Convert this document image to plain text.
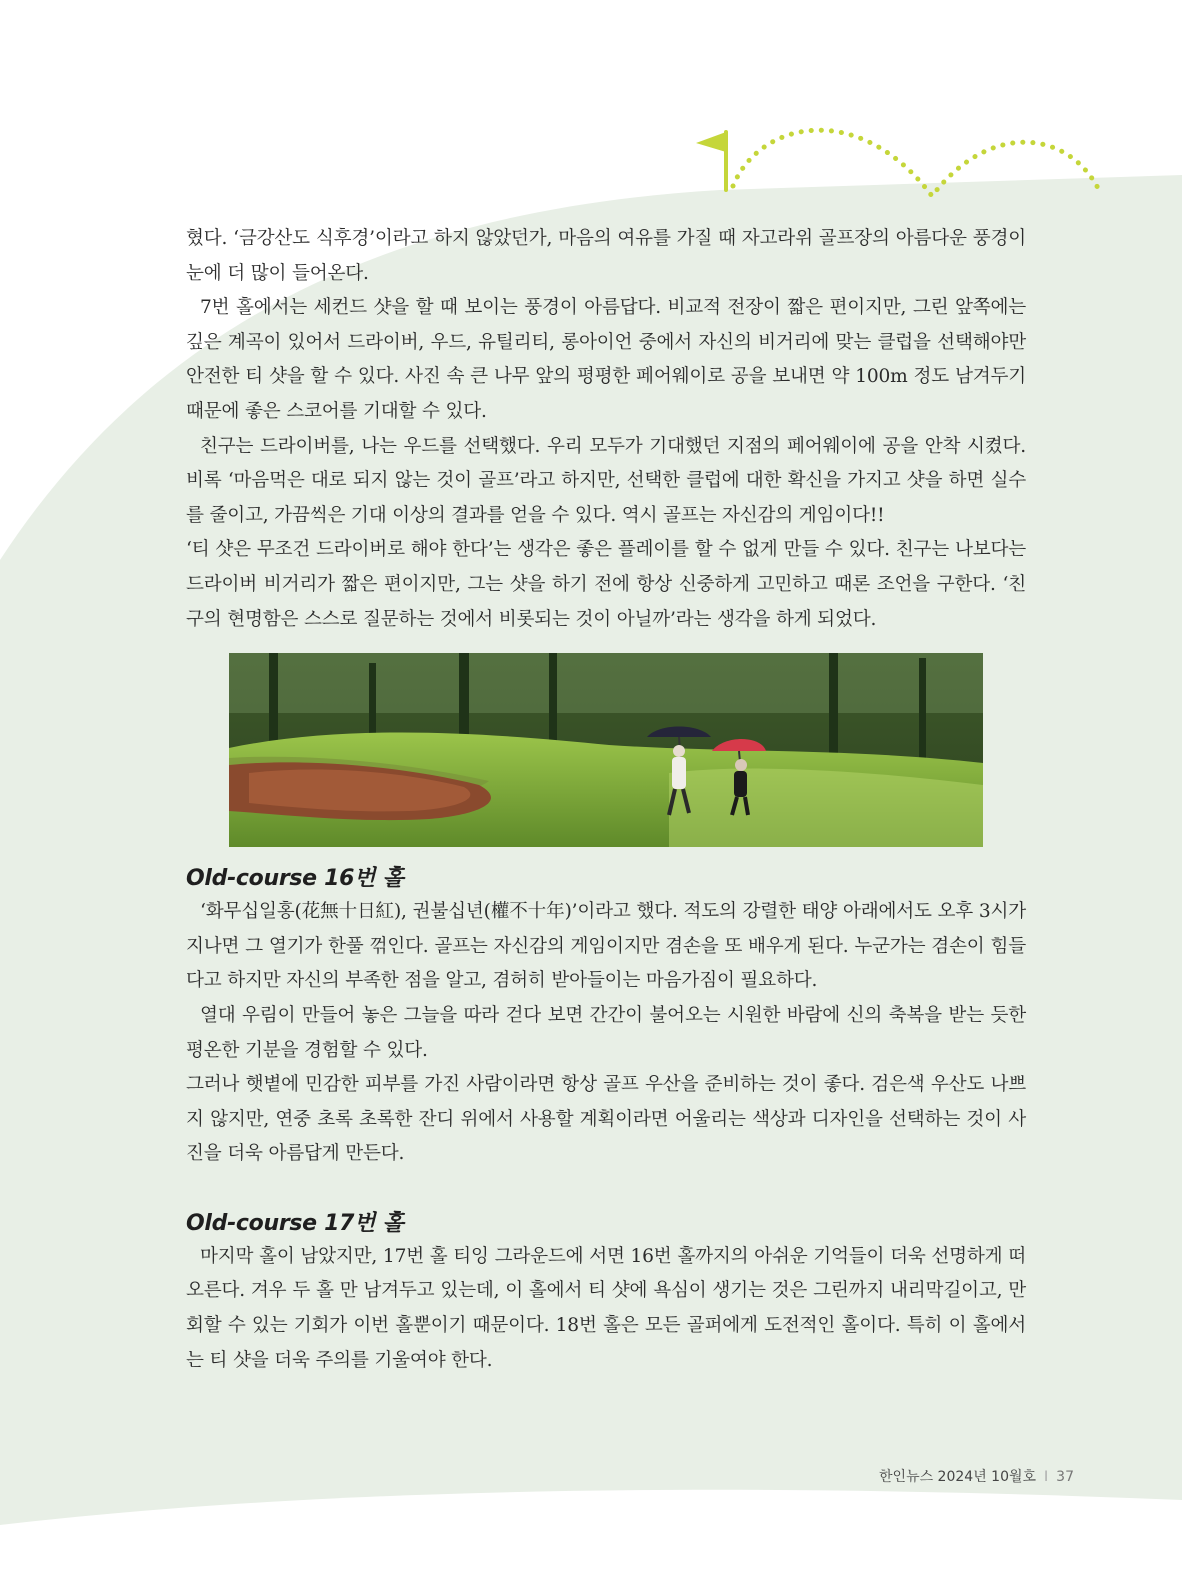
혔다. ‘금강산도 식후경’이라고 하지 않았던가, 마음의 여유를 가질 때 자고라위 골프장의 아름다운 풍경이 눈에 더 많이 들어온다.

7번 홀에서는 세컨드 샷을 할 때 보이는 풍경이 아름답다. 비교적 전장이 짧은 편이지만, 그린 앞쪽에는 깊은 계곡이 있어서 드라이버, 우드, 유틸리티, 롱아이언 중에서 자신의 비거리에 맞는 클럽을 선택해야만 안전한 티 샷을 할 수 있다. 사진 속 큰 나무 앞의 평평한 페어웨이로 공을 보내면 약 100m 정도 남겨두기 때문에 좋은 스코어를 기대할 수 있다.

친구는 드라이버를, 나는 우드를 선택했다. 우리 모두가 기대했던 지점의 페어웨이에 공을 안착 시켰다. 비록 ‘마음먹은 대로 되지 않는 것이 골프’라고 하지만, 선택한 클럽에 대한 확신을 가지고 샷을 하면 실수를 줄이고, 가끔씩은 기대 이상의 결과를 얻을 수 있다. 역시 골프는 자신감의 게임이다!!

‘티 샷은 무조건 드라이버로 해야 한다’는 생각은 좋은 플레이를 할 수 없게 만들 수 있다. 친구는 나보다는 드라이버 비거리가 짧은 편이지만, 그는 샷을 하기 전에 항상 신중하게 고민하고 때론 조언을 구한다. ‘친구의 현명함은 스스로 질문하는 것에서 비롯되는 것이 아닐까’라는 생각을 하게 되었다.

Old-course 16번 홀

‘화무십일홍(花無十日紅), 권불십년(權不十年)’이라고 했다. 적도의 강렬한 태양 아래에서도 오후 3시가 지나면 그 열기가 한풀 꺾인다. 골프는 자신감의 게임이지만 겸손을 또 배우게 된다. 누군가는 겸손이 힘들다고 하지만 자신의 부족한 점을 알고, 겸허히 받아들이는 마음가짐이 필요하다.

열대 우림이 만들어 놓은 그늘을 따라 걷다 보면 간간이 불어오는 시원한 바람에 신의 축복을 받는 듯한 평온한 기분을 경험할 수 있다.

그러나 햇볕에 민감한 피부를 가진 사람이라면 항상 골프 우산을 준비하는 것이 좋다. 검은색 우산도 나쁘지 않지만, 연중 초록 초록한 잔디 위에서 사용할 계획이라면 어울리는 색상과 디자인을 선택하는 것이 사진을 더욱 아름답게 만든다.

Old-course 17번 홀

마지막 홀이 남았지만, 17번 홀 티잉 그라운드에 서면 16번 홀까지의 아쉬운 기억들이 더욱 선명하게 떠오른다. 겨우 두 홀 만 남겨두고 있는데, 이 홀에서 티 샷에 욕심이 생기는 것은 그린까지 내리막길이고, 만회할 수 있는 기회가 이번 홀뿐이기 때문이다. 18번 홀은 모든 골퍼에게 도전적인 홀이다. 특히 이 홀에서는 티 샷을 더욱 주의를 기울여야 한다.

한인뉴스 2024년 10월호 I 37
